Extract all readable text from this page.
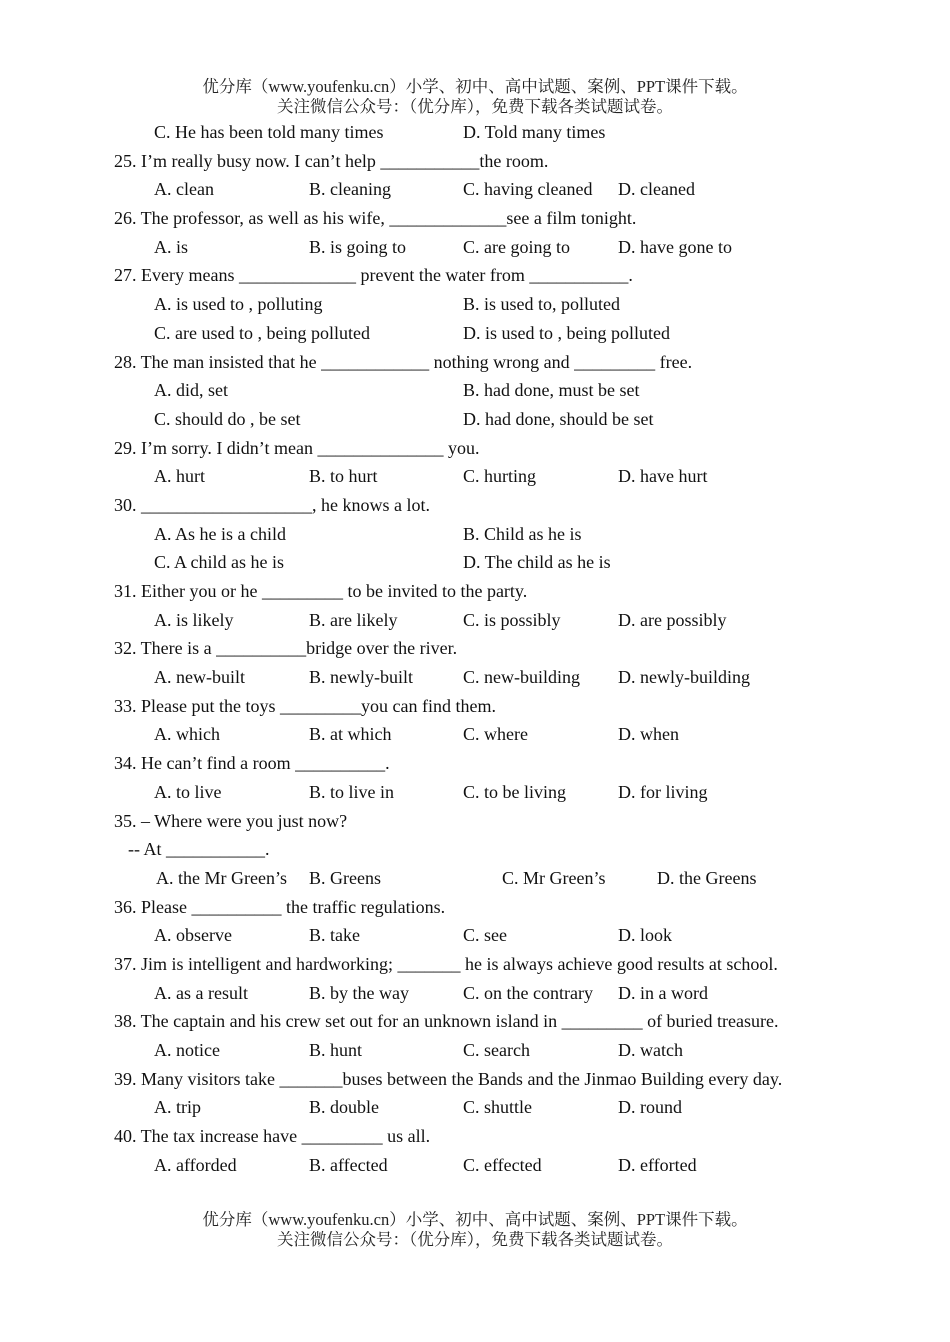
优分库（www.youfenku.cn）小学、初中、高中试题、案例、PPT课件下载。
关注微信公众号：（优分库），免费下载各类试题试卷。
C. He has been told many times	D. Told many times
25. I’m really busy now. I can’t help ___________the room.
A. clean	B. cleaning	C. having cleaned D. cleaned
26. The professor, as well as his wife, _____________see a film tonight.
A. is	B. is going to	C. are going to	D. have gone to
27. Every means _____________ prevent the water from ___________.
A. is used to , polluting	B. is used to, polluted
C. are used to , being polluted	D. is used to , being polluted
28. The man insisted that he ____________ nothing wrong and _________ free.
A. did, set	B. had done, must be set
C. should do , be set	D. had done, should be set
29. I’m sorry. I didn’t mean ______________ you.
A. hurt	B. to hurt	C. hurting	D. have hurt
30. ___________________, he knows a lot.
A. As he is a child	B. Child as he is
C. A child as he is	D. The child as he is
31. Either you or he _________ to be invited to the party.
A. is likely	B. are likely	C. is possibly	D. are possibly
32. There is a __________bridge over the river.
A. new-built	B. newly-built	C. new-building D. newly-building
33. Please put the toys _________you can find them.
A. which	B. at which	C. where	D. when
34. He can’t find a room __________.
A. to live	B. to live in	C. to be living	D. for living
35. – Where were you just now?
-- At ___________.
A. the Mr Green’s B. Greens	C. Mr Green’s	D. the Greens
36. Please __________ the traffic regulations.
A. observe	B. take	C. see	D. look
37. Jim is intelligent and hardworking; _______ he is always achieve good results at school.
A. as a result	B. by the way	C. on the contrary D. in a word
38. The captain and his crew set out for an unknown island in _________ of buried treasure.
A. notice	B. hunt	C. search	D. watch
39. Many visitors take _______buses between the Bands and the Jinmao Building every day.
A. trip	B. double	C. shuttle	D. round
40. The tax increase have _________ us all.
A. afforded	B. affected	C. effected	D. efforted
优分库（www.youfenku.cn）小学、初中、高中试题、案例、PPT课件下载。
关注微信公众号：（优分库），免费下载各类试题试卷。
